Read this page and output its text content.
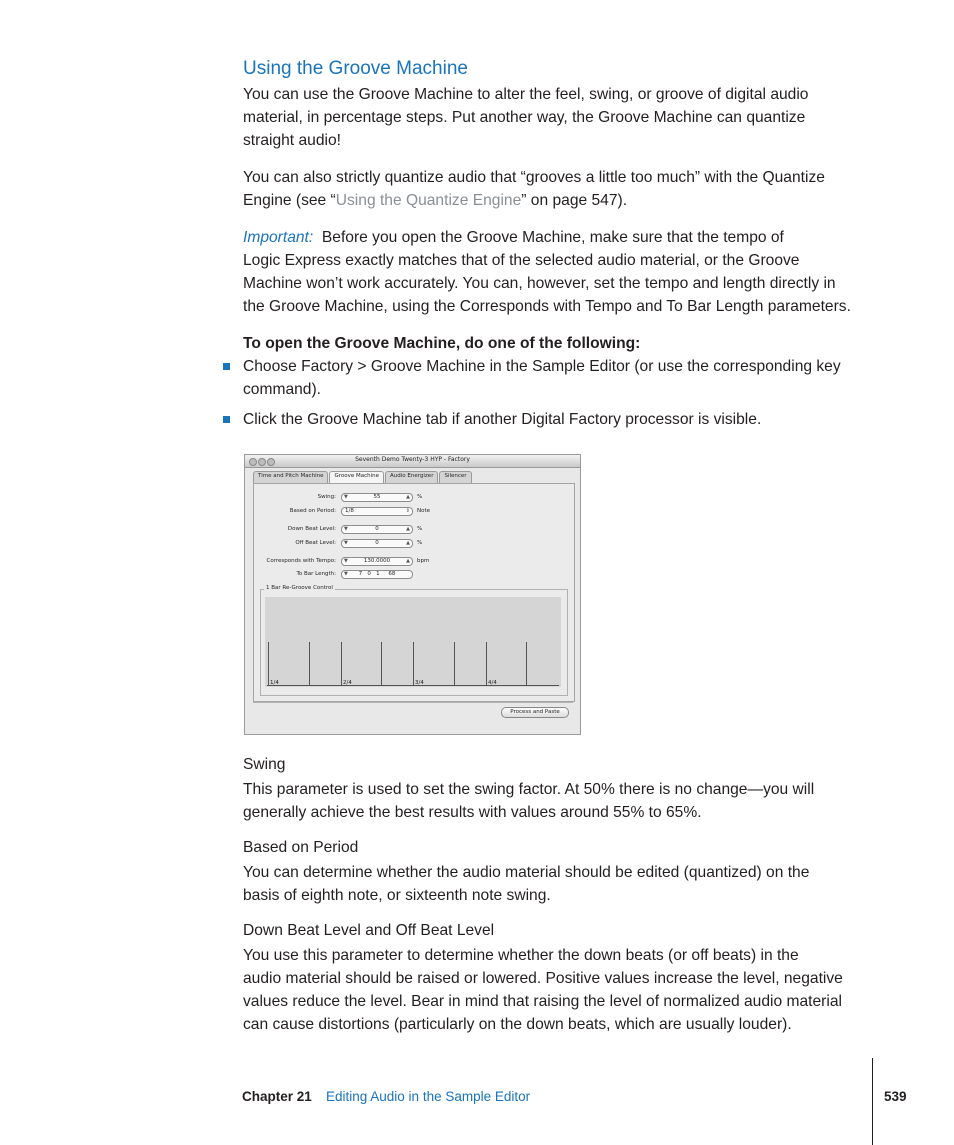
Using the Groove Machine
You can use the Groove Machine to alter the feel, swing, or groove of digital audio
material, in percentage steps. Put another way, the Groove Machine can quantize
straight audio!
You can also strictly quantize audio that “grooves a little too much” with the Quantize
Engine (see “Using the Quantize Engine” on page 547).
Important: Before you open the Groove Machine, make sure that the tempo of
Logic Express exactly matches that of the selected audio material, or the Groove
Machine won’t work accurately. You can, however, set the tempo and length directly in
the Groove Machine, using the Corresponds with Tempo and To Bar Length parameters.
To open the Groove Machine, do one of the following:
Choose Factory > Groove Machine in the Sample Editor (or use the corresponding key
command).
Click the Groove Machine tab if another Digital Factory processor is visible.
Seventh Demo Twenty-3 HYP - Factory
Time and Pitch Machine	Groove Machine	Audio Energizer	Silencer
Swing: ▼	55	▲ %
Based on Period:	1/8	⇕ Note
Down Beat Level: ▼	0	▲ %
Off Beat Level: ▼	0	▲ %
Corresponds with Tempo: ▼	130.0000	▲ bpm
To Bar Length: ▼ 7   0   1     68
1 Bar Re-Groove Control
1/4	2/4	3/4	4/4
Process and Paste
Swing
This parameter is used to set the swing factor. At 50% there is no change—you will
generally achieve the best results with values around 55% to 65%.
Based on Period
You can determine whether the audio material should be edited (quantized) on the
basis of eighth note, or sixteenth note swing.
Down Beat Level and Off Beat Level
You use this parameter to determine whether the down beats (or off beats) in the
audio material should be raised or lowered. Positive values increase the level, negative
values reduce the level. Bear in mind that raising the level of normalized audio material
can cause distortions (particularly on the down beats, which are usually louder).
Chapter 21 Editing Audio in the Sample Editor	539
